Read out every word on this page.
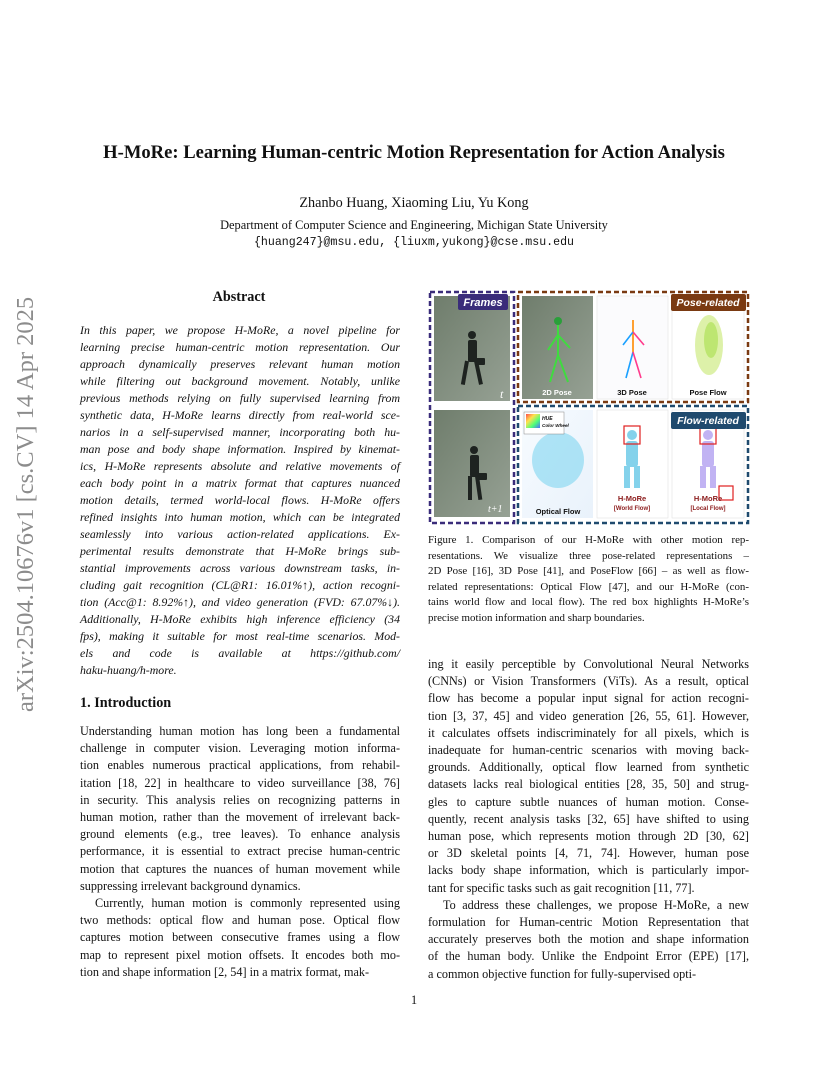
H-MoRe: Learning Human-centric Motion Representation for Action Analysis
Zhanbo Huang, Xiaoming Liu, Yu Kong
Department of Computer Science and Engineering, Michigan State University
{huang247}@msu.edu, {liuxm,yukong}@cse.msu.edu
arXiv:2504.10676v1 [cs.CV] 14 Apr 2025	Abstract
In this paper, we propose H-MoRe, a novel pipeline for
learning precise human-centric motion representation. Our
approach dynamically preserves relevant human motion
while filtering out background movement. Notably, unlike
previous methods relying on fully supervised learning from
synthetic data, H-MoRe learns directly from real-world sce-
narios in a self-supervised manner, incorporating both hu-
man pose and body shape information. Inspired by kinemat-
ics, H-MoRe represents absolute and relative movements of
each body point in a matrix format that captures nuanced
motion details, termed world-local flows. H-MoRe offers
refined insights into human motion, which can be integrated
seamlessly into various action-related applications. Ex-
perimental results demonstrate that H-MoRe brings sub-
stantial improvements across various downstream tasks, in-
cluding gait recognition (CL@R1: 16.01%↑), action recogni-
tion (Acc@1: 8.92%↑), and video generation (FVD: 67.07%↓).
Additionally, H-MoRe exhibits high inference efficiency (34
fps), making it suitable for most real-time scenarios. Mod-
els and code is available at https://github.com/
haku-huang/h-more.
1. Introduction
Understanding human motion has long been a fundamental
challenge in computer vision. Leveraging motion informa-
tion enables numerous practical applications, from rehabil-
itation [18, 22] in healthcare to video surveillance [38, 76]
in security. This analysis relies on recognizing patterns in
human motion, rather than the movement of irrelevant back-
ground elements (e.g., tree leaves). To enhance analysis
performance, it is essential to extract precise human-centric
motion that captures the nuances of human movement while
suppressing irrelevant background dynamics.
Currently, human motion is commonly represented using
two methods: optical flow and human pose. Optical flow
captures motion between consecutive frames using a flow
map to represent pixel motion offsets. It encodes both mo-
tion and shape information [2, 54] in a matrix format, mak-
ing it easily perceptible by Convolutional Neural Networks
(CNNs) or Vision Transformers (ViTs). As a result, optical
flow has become a popular input signal for action recogni-
tion [3, 37, 45] and video generation [26, 55, 61]. However,
it calculates offsets indiscriminately for all pixels, which is
inadequate for human-centric scenarios with moving back-
grounds. Additionally, optical flow learned from synthetic
datasets lacks real biological entities [28, 35, 50] and strug-
gles to capture subtle nuances of human motion. Conse-
quently, recent analysis tasks [32, 65] have shifted to using
human pose, which represents motion through 2D [30, 62]
or 3D skeletal points [4, 71, 74]. However, human pose
lacks body shape information, which is particularly impor-
tant for specific tasks such as gait recognition [11, 77].
To address these challenges, we propose H-MoRe, a new
formulation for Human-centric Motion Representation that
accurately preserves both the motion and shape information
of the human body. Unlike the Endpoint Error (EPE) [17],
a common objective function for fully-supervised opti-
Frames
t
t+1
2D Pose	3D Pose	Pose Flow
Pose-related
HUE
Color Wheel
Optical Flow
H-MoRe
[World Flow]
H-MoRe
[Local Flow]
Flow-related
Figure 1. Comparison of our H-MoRe with other motion rep-
resentations. We visualize three pose-related representations –
2D Pose [16], 3D Pose [41], and PoseFlow [66] – as well as flow-
related representations: Optical Flow [47], and our H-MoRe (con-
tains world flow and local flow). The red box highlights H-MoRe’s
precise motion information and sharp boundaries.
1
